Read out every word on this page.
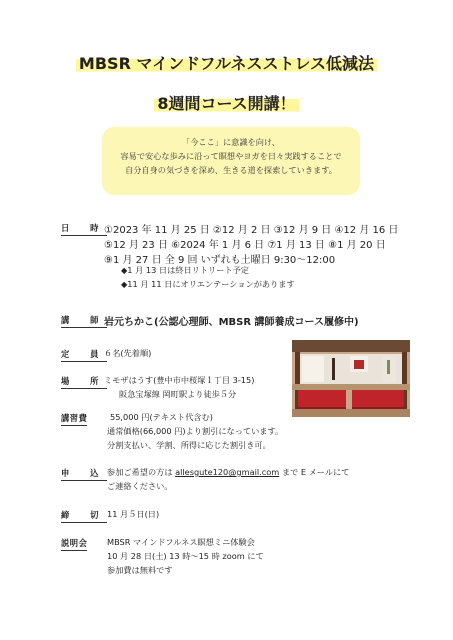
MBSR マインドフルネスストレス低減法
8週間コース開講！
「今ここ」に意識を向け、
容易で安心な歩みに沿って瞑想やヨガを日々実践することで
自分自身の気づきを深め、生きる道を探索していきます。
日 時
①2023 年 11 月 25 日 ②12 月 2 日 ③12 月 9 日 ④12 月 16 日
⑤12 月 23 日 ⑥2024 年 1 月 6 日 ⑦1 月 13 日 ⑧1 月 20 日
⑨1 月 27 日 全 9 回 いずれも土曜日 9:30～12:00
◆1 月 13 日は終日リトリート予定
◆11 月 11 日にオリエンテーションがあります
講 師
岩元ちかこ(公認心理師、MBSR 講師養成コース履修中)
定 員
６名(先着順)
場 所
ミモザはうす(豊中市中桜塚１丁目 3-15)
阪急宝塚線 岡町駅より徒歩５分
講習費	55,000 円(テキスト代含む)
通常価格(66,000 円)より割引になっています。
分割支払い、学割、所得に応じた割引き可。
申 込 参加ご希望の方は allesgute120@gmail.com まで E メールにて
ご連絡ください。
締 切 11 月５日(日)
説明会 MBSR マインドフルネス瞑想ミニ体験会
10 月 28 日(土) 13 時～15 時 zoom にて
参加費は無料です
